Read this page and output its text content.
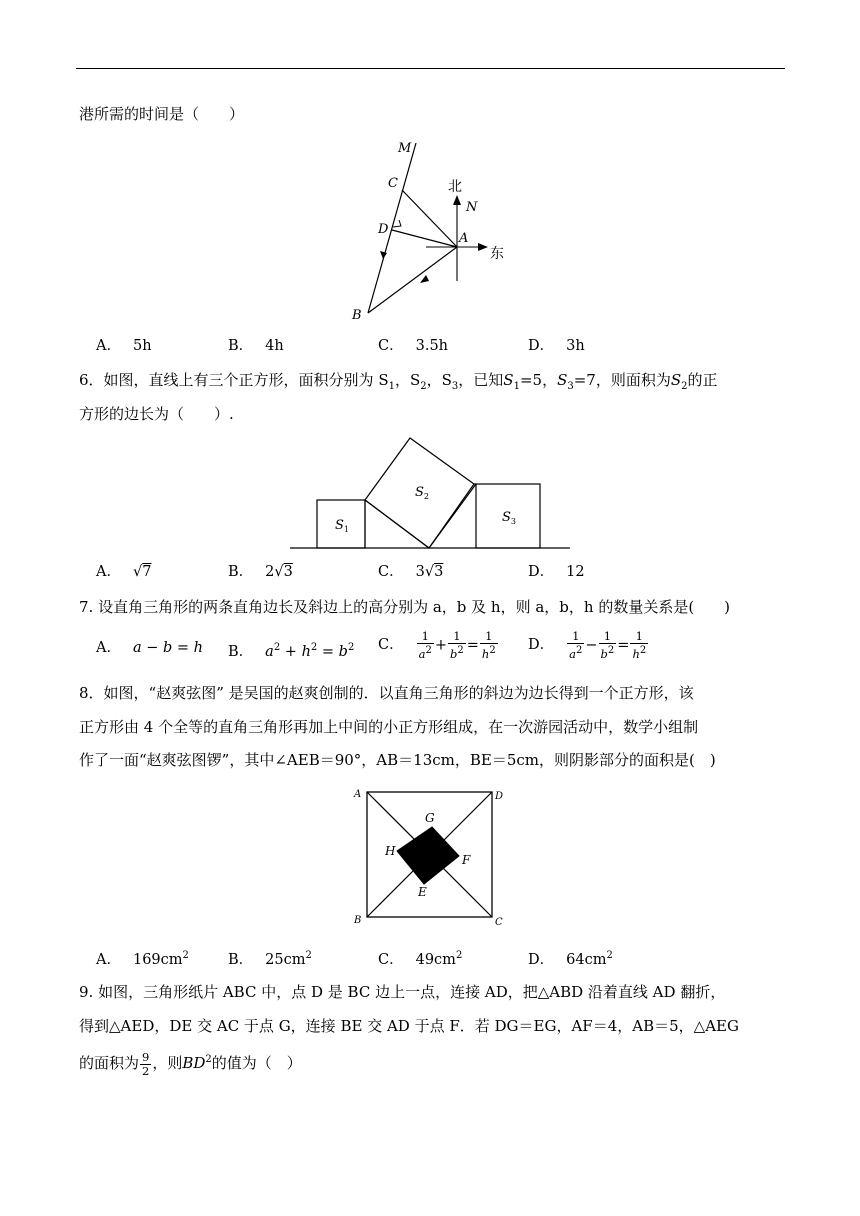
港所需的时间是（　　）
M
C
D
A
B
N
北
东
A． 5h	B． 4h	C． 3.5h	D． 3h
6．如图，直线上有三个正方形，面积分别为 $S_1$，$S_2$，$S_3$，已知$S_1=5$，$S_3=7$，则面积为$S_2$的正
方形的边长为（　　）.
$S_1$
$S_2$
$S_3$
A． √7	B． 2√3	C． 3√3	D． 12
7. 设直角三角形的两条直角边长及斜边上的高分别为 a，b 及 h，则 a，b，h 的数量关系是(　　)
A． a − b = h B． $a^2 + h^2 = b^2$ C． $\frac{1}{a^2} + \frac{1}{b^2} = \frac{1}{h^2}$ D． $\frac{1}{a^2} - \frac{1}{b^2} = \frac{1}{h^2}$
8．如图，“赵爽弦图” 是吴国的赵爽创制的．以直角三角形的斜边为边长得到一个正方形，该
正方形由 4 个全等的直角三角形再加上中间的小正方形组成，在一次游园活动中，数学小组制
作了一面“赵爽弦图锣”，其中∠AEB＝90°，AB＝13cm，BE＝5cm，则阴影部分的面积是(　)
A	D
B	C
G
H
F
E
A． $169cm^2$	B． $25cm^2$	C． $49cm^2$	D． $64cm^2$
9. 如图，三角形纸片 ABC 中，点 D 是 BC 边上一点，连接 AD，把△ABD 沿着直线 AD 翻折，
得到△AED，DE 交 AC 于点 G，连接 BE 交 AD 于点 F．若 DG＝EG，AF＝4，AB＝5，△AEG
的面积为 $\frac{9}{2}$ ，则$BD^2$的值为（　）
